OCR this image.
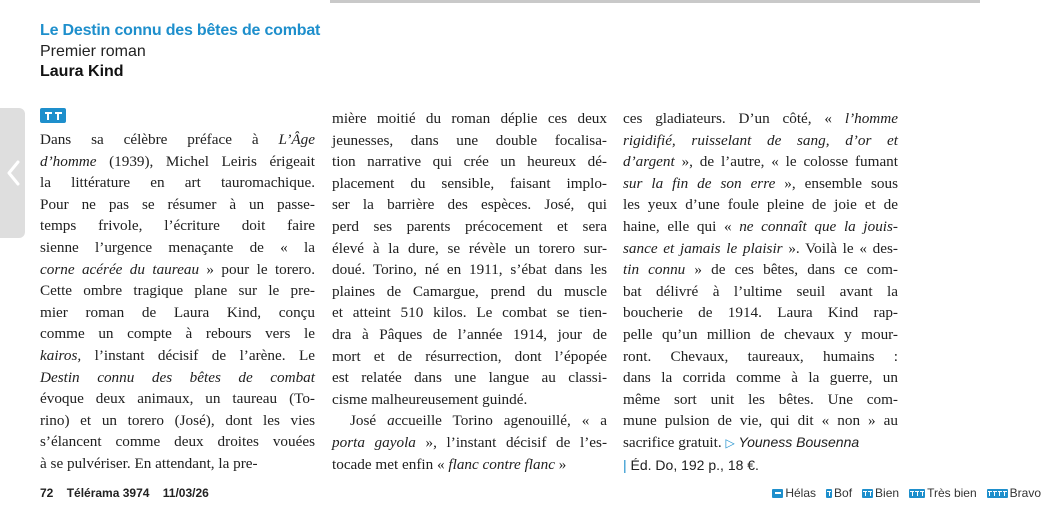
Le Destin connu des bêtes de combat
Premier roman
Laura Kind
Dans sa célèbre préface à L’Âge
d’homme (1939), Michel Leiris érigeait
la littérature en art tauromachique.
Pour ne pas se résumer à un passe-
temps frivole, l’écriture doit faire
sienne l’urgence menaçante de « la
corne acérée du taureau » pour le torero.
Cette ombre tragique plane sur le pre-
mier roman de Laura Kind, conçu
comme un compte à rebours vers le
kairos, l’instant décisif de l’arène. Le
Destin connu des bêtes de combat
évoque deux animaux, un taureau (To-
rino) et un torero (José), dont les vies
s’élancent comme deux droites vouées
à se pulvériser. En attendant, la pre-
mière moitié du roman déplie ces deux
jeunesses, dans une double focalisa-
tion narrative qui crée un heureux dé-
placement du sensible, faisant implo-
ser la barrière des espèces. José, qui
perd ses parents précocement et sera
élevé à la dure, se révèle un torero sur-
doué. Torino, né en 1911, s’ébat dans les
plaines de Camargue, prend du muscle
et atteint 510 kilos. Le combat se tien-
dra à Pâques de l’année 1914, jour de
mort et de résurrection, dont l’épopée
est relatée dans une langue au classi-
cisme malheureusement guindé.
José accueille Torino agenouillé, « a
porta gayola », l’instant décisif de l’es-
tocade met enfin « flanc contre flanc »
ces gladiateurs. D’un côté, « l’homme
rigidifié, ruisselant de sang, d’or et
d’argent », de l’autre, « le colosse fumant
sur la fin de son erre », ensemble sous
les yeux d’une foule pleine de joie et de
haine, elle qui « ne connaît que la jouis-
sance et jamais le plaisir ». Voilà le « des-
tin connu » de ces bêtes, dans ce com-
bat délivré à l’ultime seuil avant la
boucherie de 1914. Laura Kind rap-
pelle qu’un million de chevaux y mour-
ront. Chevaux, taureaux, humains :
dans la corrida comme à la guerre, un
même sort unit les bêtes. Une com-
mune pulsion de vie, qui dit « non » au
sacrifice gratuit. ▷ Youness Bousenna
| Éd. Do, 192 p., 18 €.
72 Télérama 3974 11/03/26	Hélas Bof Bien Très bien	Bravo
